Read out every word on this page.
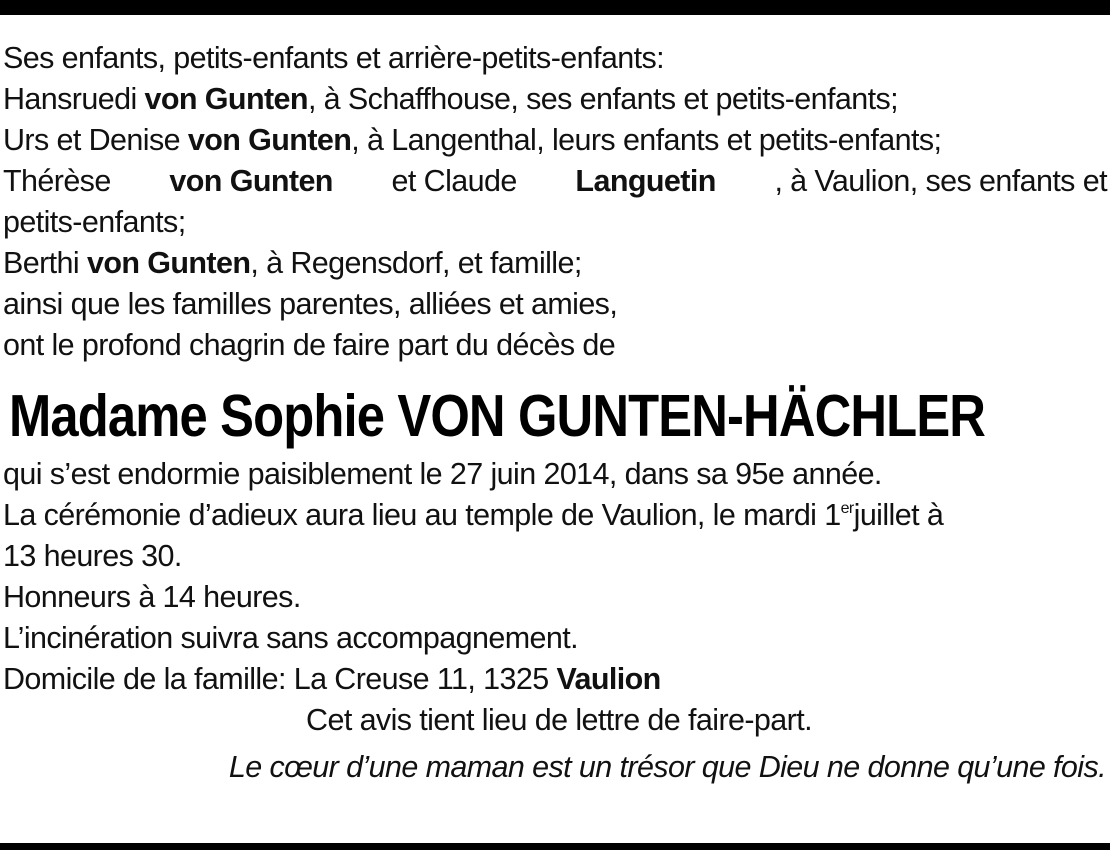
Ses enfants, petits-enfants et arrière-petits-enfants:
Hansruedi von Gunten, à Schaffhouse, ses enfants et petits-enfants;
Urs et Denise von Gunten, à Langenthal, leurs enfants et petits-enfants;
Thérèse von Gunten et Claude Languetin , à Vaulion, ses enfants et
petits-enfants;
Berthi von Gunten, à Regensdorf, et famille;
ainsi que les familles parentes, alliées et amies,
ont le profond chagrin de faire part du décès de
Madame Sophie VON GUNTEN-HÄCHLER
qui s’est endormie paisiblement le 27 juin 2014, dans sa 95e année.
La cérémonie d’adieux aura lieu au temple de Vaulion, le mardi 1erjuillet à
13 heures 30.
Honneurs à 14 heures.
L’incinération suivra sans accompagnement.
Domicile de la famille: La Creuse 11, 1325 Vaulion
Cet avis tient lieu de lettre de faire-part.
Le cœur d’une maman est un trésor que Dieu ne donne qu’une fois.
